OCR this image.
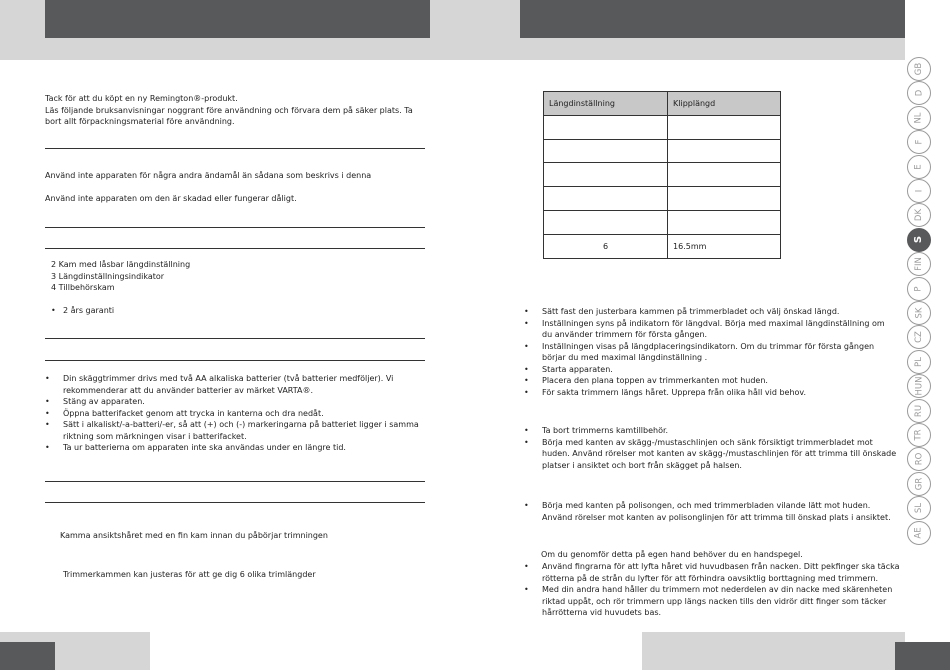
Tack för att du köpt en ny Remington®-produkt.
Läs följande bruksanvisningar noggrant före användning och förvara dem på säker plats. Ta
bort allt förpackningsmaterial före användning.
Använd inte apparaten för några andra ändamål än sådana som beskrivs i denna
Använd inte apparaten om den är skadad eller fungerar dåligt.
2 Kam med låsbar längdinställning
3 Längdinställningsindikator
4 Tillbehörskam
• 2 års garanti
•	Din skäggtrimmer drivs med två AA alkaliska batterier (två batterier medföljer). Vi
rekommenderar att du använder batterier av märket VARTA®.
•	Stäng av apparaten.
•	Öppna batterifacket genom att trycka in kanterna och dra nedåt.
•	Sätt i alkaliskt/-a-batteri/-er, så att (+) och (-) markeringarna på batteriet ligger i samma
riktning som märkningen visar i batterifacket.
•	Ta ur batterierna om apparaten inte ska användas under en längre tid.
Kamma ansiktshåret med en fin kam innan du påbörjar trimningen
Trimmerkammen kan justeras för att ge dig 6 olika trimlängder
Längdinställning	Klipplängd

6	16.5mm
•	Sätt fast den justerbara kammen på trimmerbladet och välj önskad längd.
•	Inställningen syns på indikatorn för längdval. Börja med maximal längdinställning om
du använder trimmern för första gången.
•	Inställningen visas på längdplaceringsindikatorn. Om du trimmar för första gången
börjar du med maximal längdinställning .
•	Starta apparaten.
•	Placera den plana toppen av trimmerkanten mot huden.
•	För sakta trimmern längs håret. Upprepa från olika håll vid behov.
•	Ta bort trimmerns kamtillbehör.
•	Börja med kanten av skägg-/mustaschlinjen och sänk försiktigt trimmerbladet mot
huden. Använd rörelser mot kanten av skägg-/mustaschlinjen för att trimma till önskade
platser i ansiktet och bort från skägget på halsen.
•	Börja med kanten på polisongen, och med trimmerbladen vilande lätt mot huden.
Använd rörelser mot kanten av polisonglinjen för att trimma till önskad plats i ansiktet.
Om du genomför detta på egen hand behöver du en handspegel.
•	Använd fingrarna för att lyfta håret vid huvudbasen från nacken. Ditt pekfinger ska täcka
rötterna på de strån du lyfter för att förhindra oavsiktlig borttagning med trimmern.
•	Med din andra hand håller du trimmern mot nederdelen av din nacke med skärenheten
riktad uppåt, och rör trimmern upp längs nacken tills den vidrör ditt finger som täcker
hårrötterna vid huvudets bas.
GB
D
NL
F
E
I
DK
S
FIN
P
SK
CZ
PL
HUN
RU
TR
RO
GR
SL
AE
